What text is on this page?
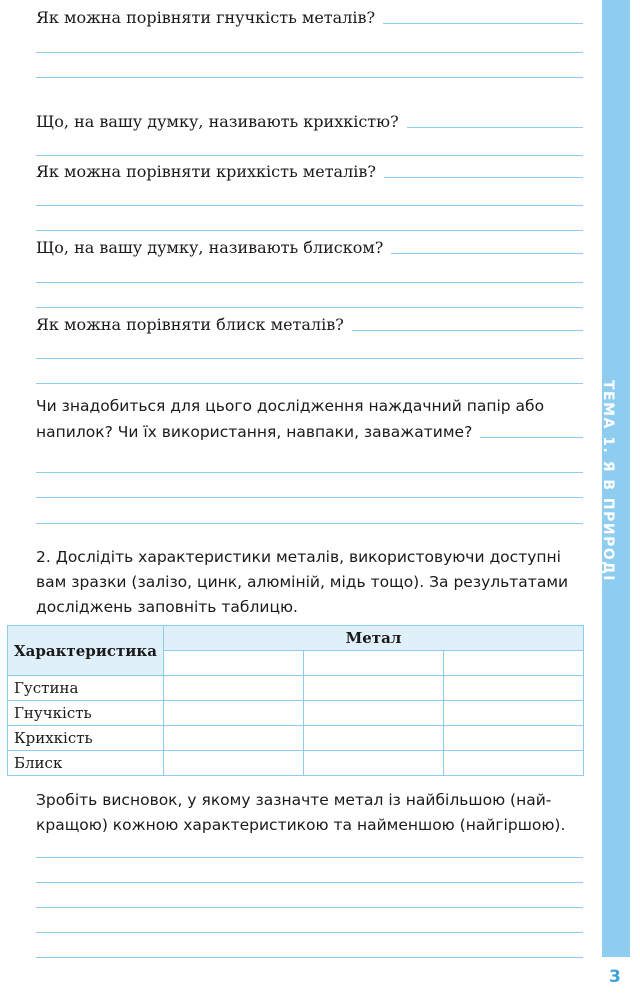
ТЕМА 1. Я В ПРИРОДІ
3
Як можна порівняти гнучкість металів?
Що, на вашу думку, називають крихкістю?
Як можна порівняти крихкість металів?
Що, на вашу думку, називають блиском?
Як можна порівняти блиск металів?
Чи знадобиться для цього дослідження наждачний папір або
напилок? Чи їх використання, навпаки, заважатиме?
2. Дослідіть характеристики металів, використовуючи доступні
вам зразки (залізо, цинк, алюміній, мідь тощо). За результатами
досліджень заповніть таблицю.
Характеристика	Метал		

Густина			
Гнучкість			
Крихкість			
Блиск			
Зробіть висновок, у якому зазначте метал із найбільшою (най-
кращою) кожною характеристикою та найменшою (найгіршою).
